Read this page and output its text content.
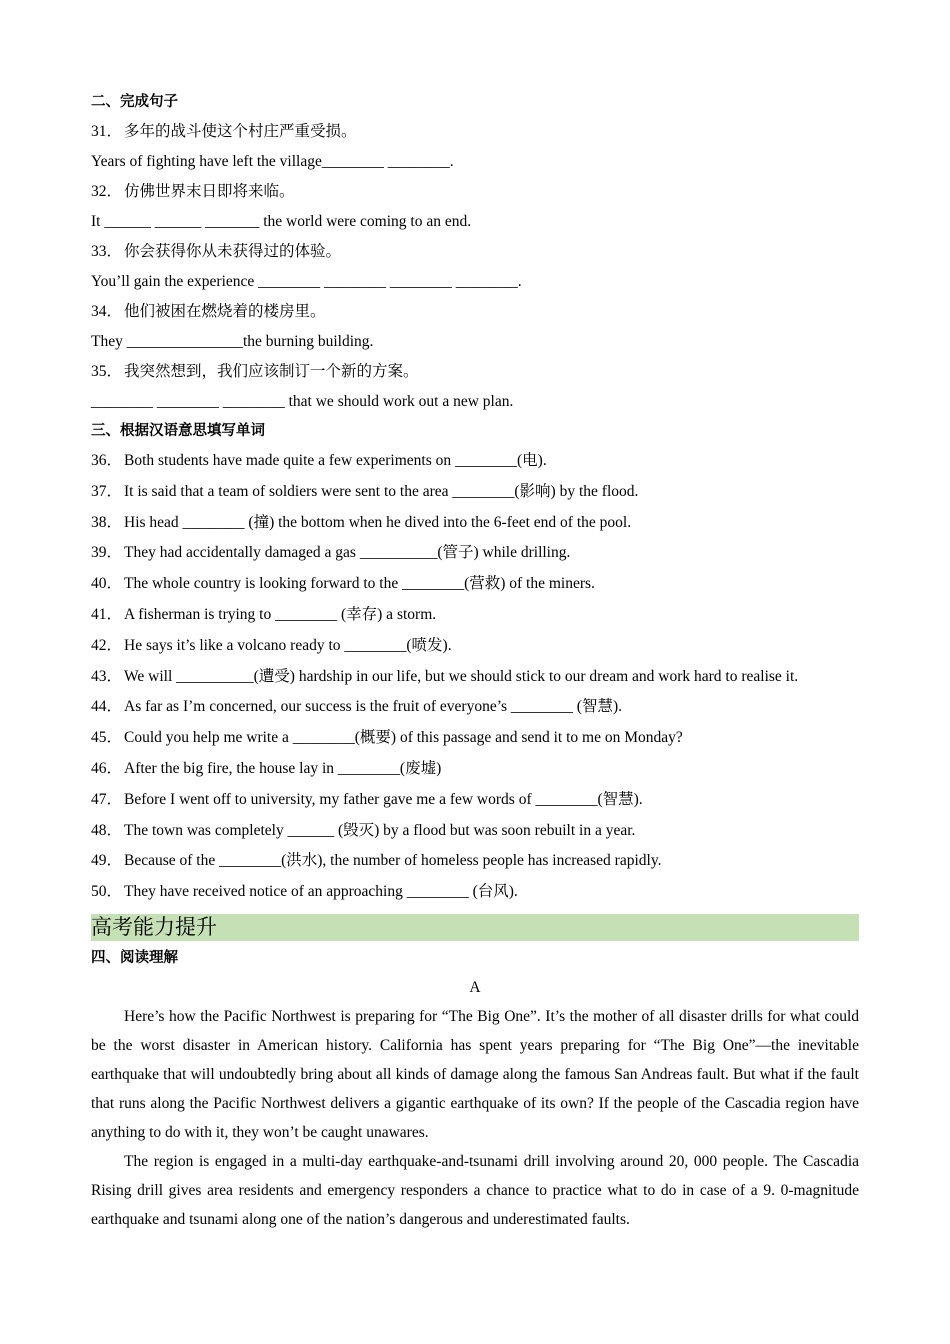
二、完成句子
31． 多年的战斗使这个村庄严重受损。
Years of fighting have left the village________ ________.
32． 仿佛世界末日即将来临。
It ______ ______ _______ the world were coming to an end.
33． 你会获得你从未获得过的体验。
You’ll gain the experience ________ ________ ________ ________.
34． 他们被困在燃烧着的楼房里。
They _______________the burning building.
35． 我突然想到，我们应该制订一个新的方案。
________ ________ ________ that we should work out a new plan.
三、根据汉语意思填写单词
36． Both students have made quite a few experiments on ________(电).
37． It is said that a team of soldiers were sent to the area ________(影响) by the flood.
38． His head ________ (撞) the bottom when he dived into the 6-feet end of the pool.
39． They had accidentally damaged a gas __________(管子) while drilling.
40． The whole country is looking forward to the ________(营救) of the miners.
41． A fisherman is trying to ________ (幸存) a storm.
42． He says it’s like a volcano ready to ________(喷发).
43． We will __________(遭受) hardship in our life, but we should stick to our dream and work hard to realise it.
44． As far as I’m concerned, our success is the fruit of everyone’s ________ (智慧).
45． Could you help me write a ________(概要) of this passage and send it to me on Monday?
46． After the big fire, the house lay in ________(废墟)
47． Before I went off to university, my father gave me a few words of ________(智慧).
48． The town was completely ______ (毁灭) by a flood but was soon rebuilt in a year.
49． Because of the ________(洪水), the number of homeless people has increased rapidly.
50． They have received notice of an approaching ________ (台风).
高考能力提升
四、阅读理解
A
Here’s how the Pacific Northwest is preparing for “The Big One”. It’s the mother of all disaster drills for what could be the worst disaster in American history. California has spent years preparing for “The Big One”—the inevitable earthquake that will undoubtedly bring about all kinds of damage along the famous San Andreas fault. But what if the fault that runs along the Pacific Northwest delivers a gigantic earthquake of its own? If the people of the Cascadia region have anything to do with it, they won’t be caught unawares.
The region is engaged in a multi-day earthquake-and-tsunami drill involving around 20, 000 people. The Cascadia Rising drill gives area residents and emergency responders a chance to practice what to do in case of a 9. 0-magnitude earthquake and tsunami along one of the nation’s dangerous and underestimated faults.
